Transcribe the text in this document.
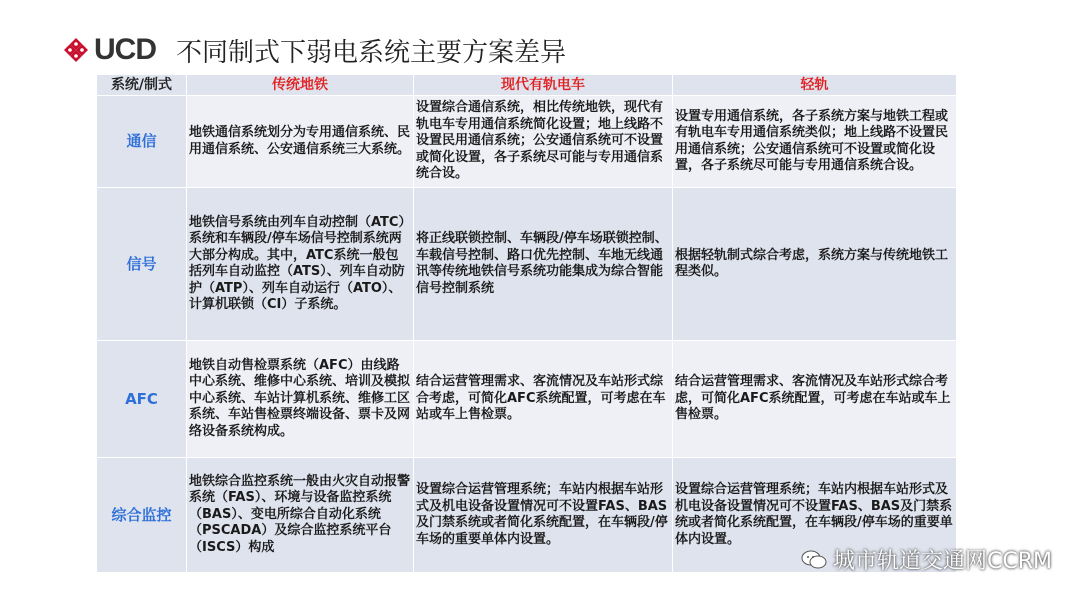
UCD 不同制式下弱电系统主要方案差异
系统/制式	传统地铁	现代有轨电车	轻轨
通信	地铁通信系统划分为专用通信系统、民用通信系统、公安通信系统三大系统。	设置综合通信系统，相比传统地铁，现代有轨电车专用通信系统简化设置；地上线路不设置民用通信系统；公安通信系统可不设置或简化设置，各子系统尽可能与专用通信系统合设。	设置专用通信系统，各子系统方案与地铁工程或有轨电车专用通信系统类似；地上线路不设置民用通信系统；公安通信系统可不设置或简化设置，各子系统尽可能与专用通信系统合设。
信号	地铁信号系统由列车自动控制（ATC）系统和车辆段/停车场信号控制系统两大部分构成。其中，ATC系统一般包括列车自动监控（ATS）、列车自动防护（ATP）、列车自动运行（ATO）、计算机联锁（CI）子系统。	将正线联锁控制、车辆段/停车场联锁控制、车载信号控制、路口优先控制、车地无线通讯等传统地铁信号系统功能集成为综合智能信号控制系统	根据轻轨制式综合考虑，系统方案与传统地铁工程类似。
AFC	地铁自动售检票系统（AFC）由线路中心系统、维修中心系统、培训及模拟中心系统、车站计算机系统、维修工区系统、车站售检票终端设备、票卡及网络设备系统构成。	结合运营管理需求、客流情况及车站形式综合考虑，可简化AFC系统配置，可考虑在车站或车上售检票。	结合运营管理需求、客流情况及车站形式综合考虑，可简化AFC系统配置，可考虑在车站或车上售检票。
综合监控	地铁综合监控系统一般由火灾自动报警系统（FAS）、环境与设备监控系统（BAS）、变电所综合自动化系统（PSCADA）及综合监控系统平台（ISCS）构成	设置综合运营管理系统；车站内根据车站形式及机电设备设置情况可不设置FAS、BAS及门禁系统或者简化系统配置，在车辆段/停车场的重要单体内设置。	设置综合运营管理系统；车站内根据车站形式及机电设备设置情况可不设置FAS、BAS及门禁系统或者简化系统配置，在车辆段/停车场的重要单体内设置。
城市轨道交通网CCRM
